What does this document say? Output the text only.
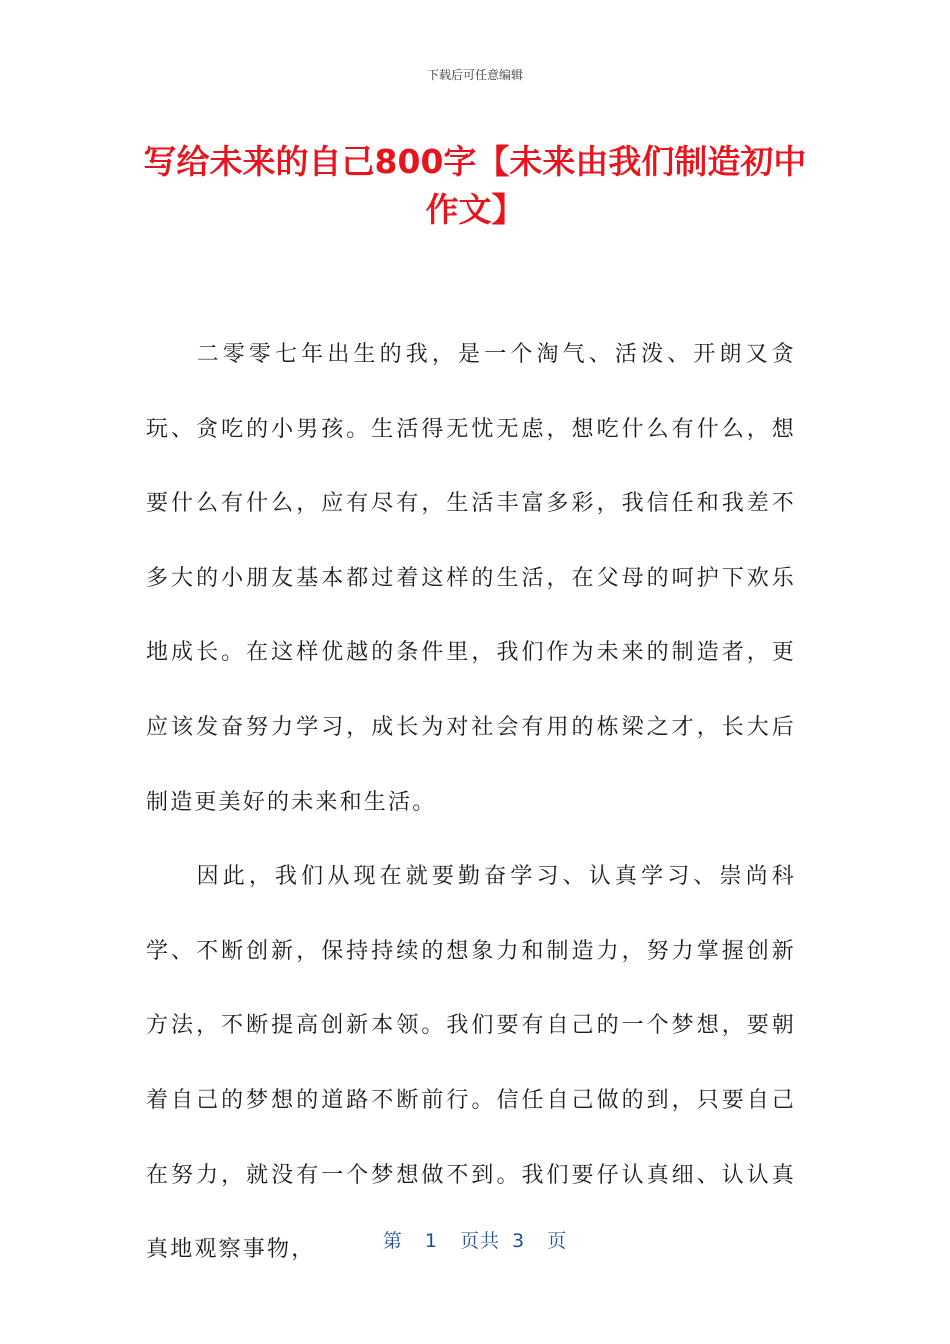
下载后可任意编辑
写给未来的自己800字【未来由我们制造初中作文】

二零零七年出生的我，是一个淘气、活泼、开朗又贪玩、贪吃的小男孩。生活得无忧无虑，想吃什么有什么，想要什么有什么，应有尽有，生活丰富多彩，我信任和我差不多大的小朋友基本都过着这样的生活，在父母的呵护下欢乐地成长。在这样优越的条件里，我们作为未来的制造者，更应该发奋努力学习，成长为对社会有用的栋梁之才，长大后制造更美好的未来和生活。

因此，我们从现在就要勤奋学习、认真学习、崇尚科学、不断创新，保持持续的想象力和制造力，努力掌握创新方法，不断提高创新本领。我们要有自己的一个梦想，要朝着自己的梦想的道路不断前行。信任自己做的到，只要自己在努力，就没有一个梦想做不到。我们要仔认真细、认认真真地观察事物，	第 1 页共 3 页
